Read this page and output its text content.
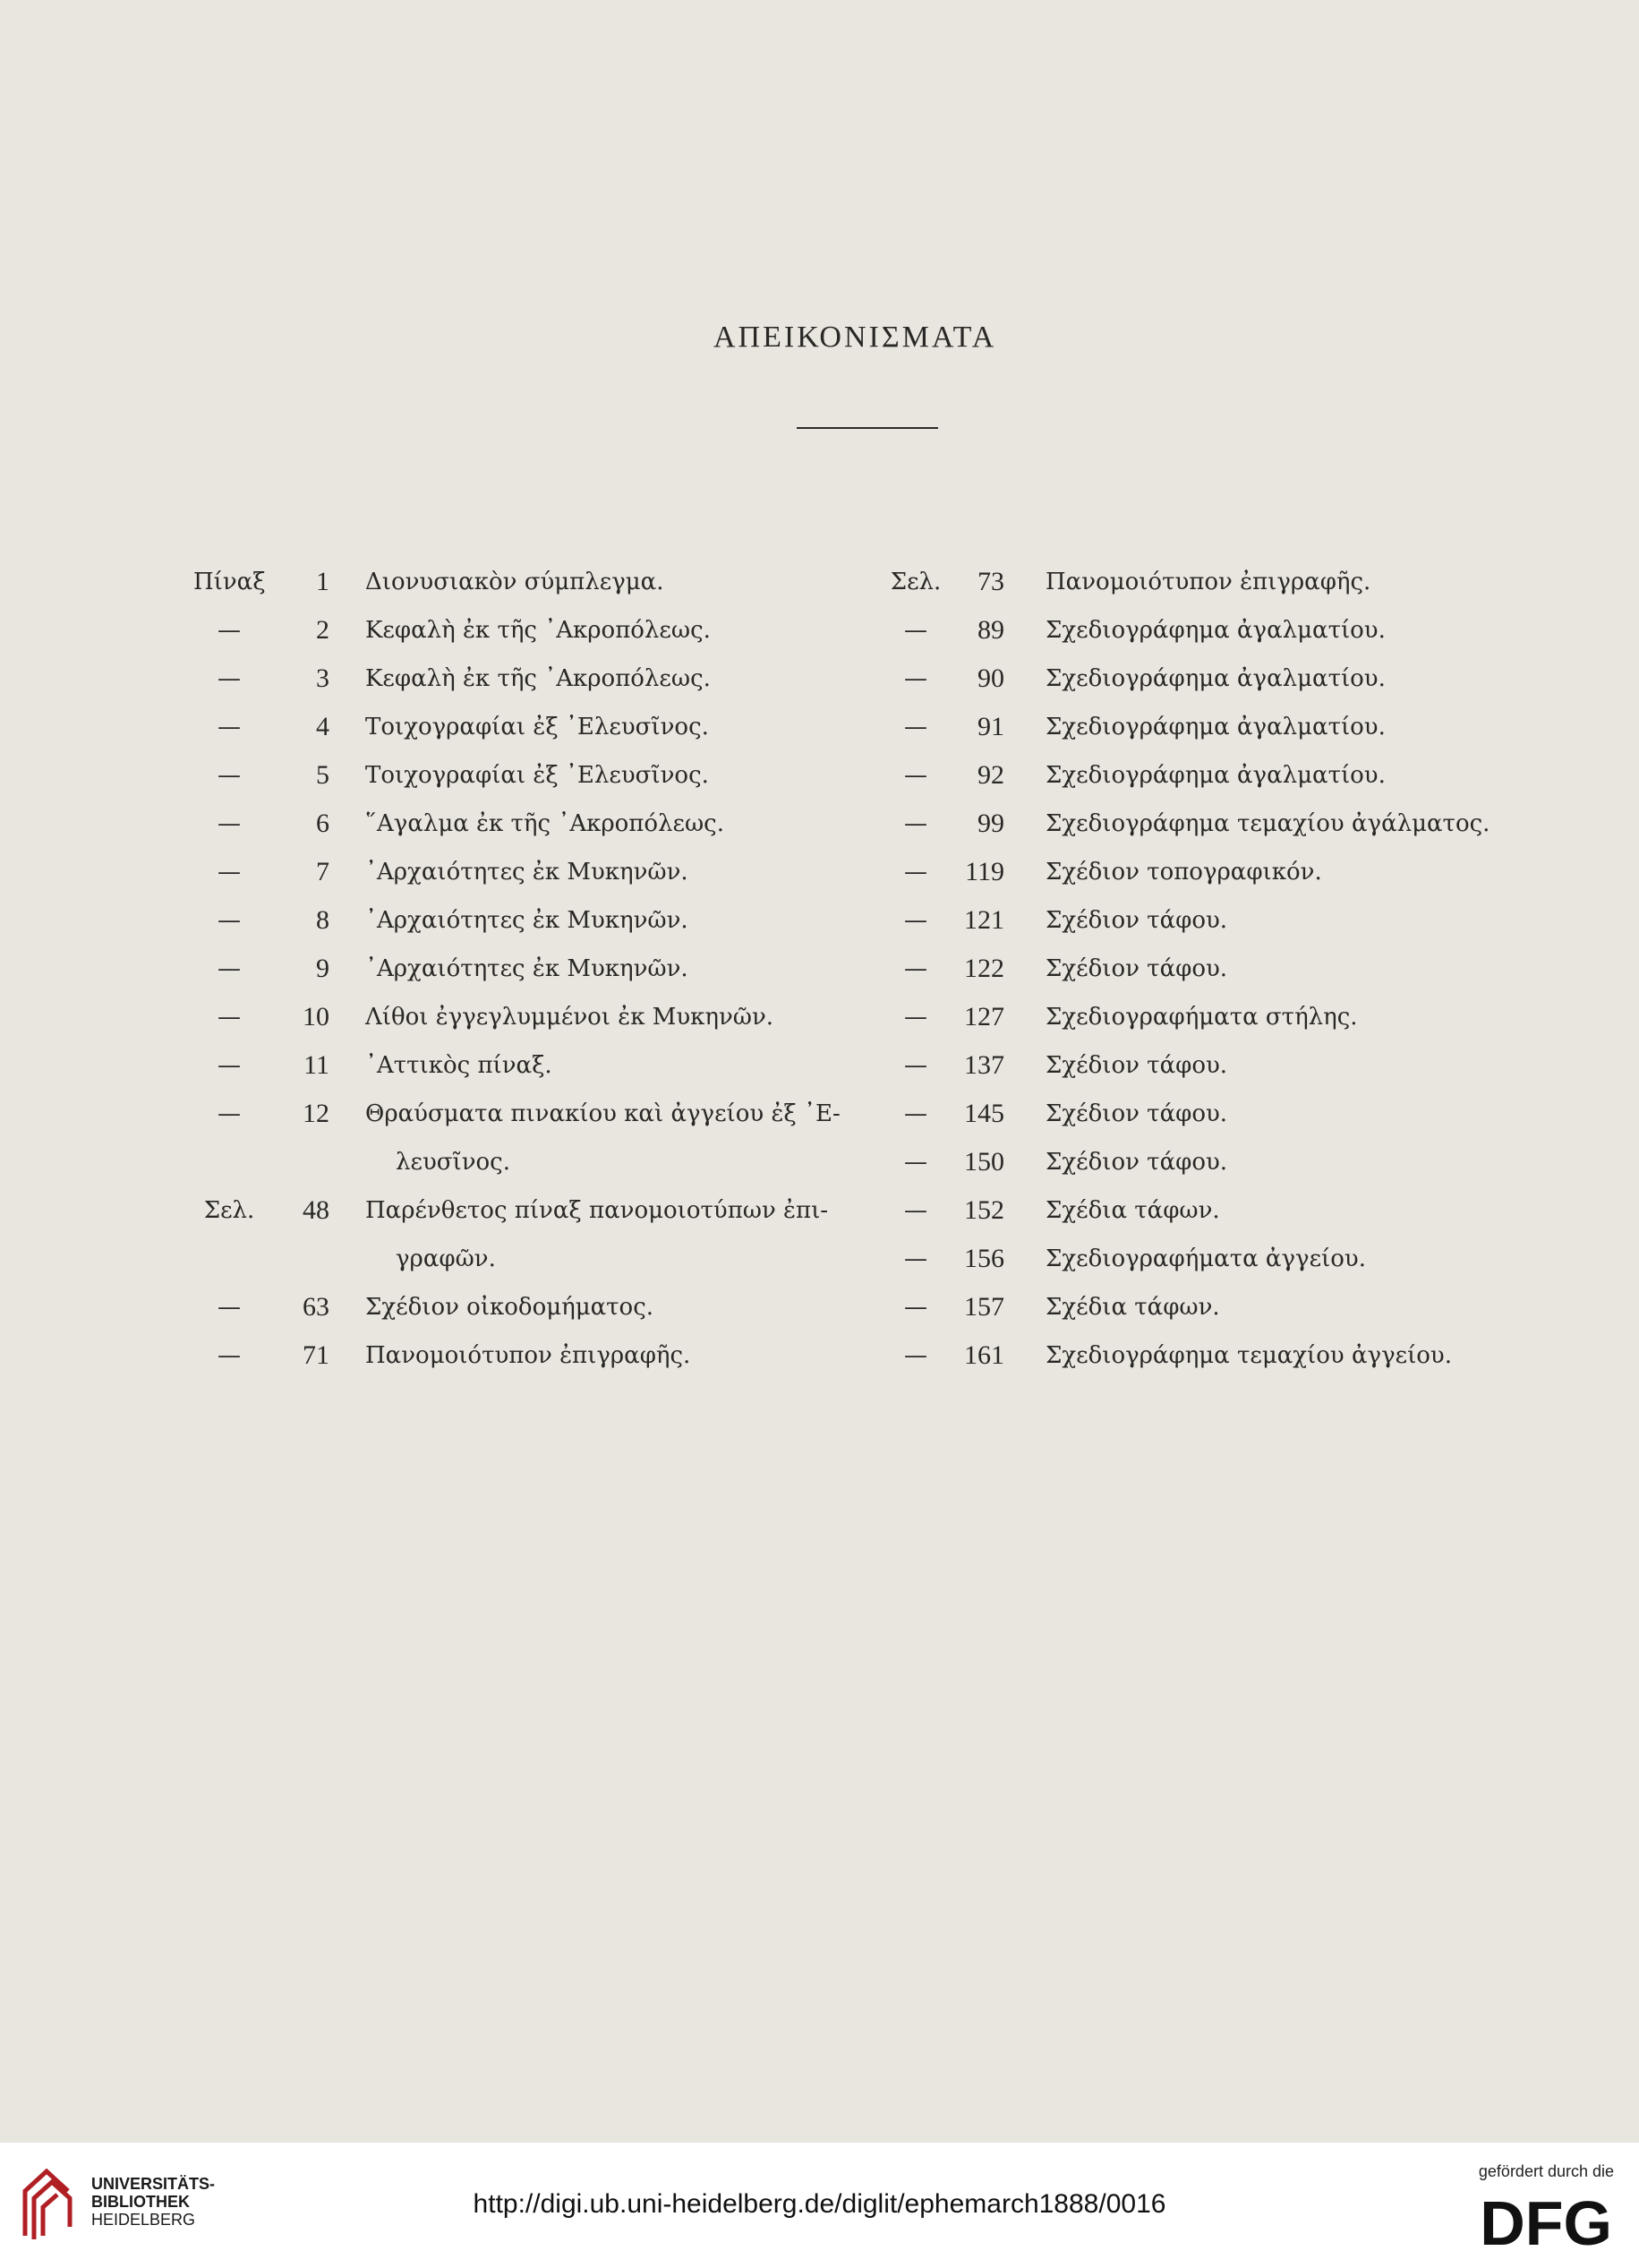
ΑΠΕΙΚΟΝΙΣΜΑΤΑ
Πίναξ	1 Διονυσιακὸν σύμπλεγμα.
—	2 Κεφαλὴ ἐκ τῆς ᾿Ακροπόλεως.
—	3 Κεφαλὴ ἐκ τῆς ᾿Ακροπόλεως.
—	4 Τοιχογραφίαι ἐξ ᾿Ελευσῖνος.
—	5 Τοιχογραφίαι ἐξ ᾿Ελευσῖνος.
—	6 ῞Αγαλμα ἐκ τῆς ᾿Ακροπόλεως.
—	7 ᾿Αρχαιότητες ἐκ Μυκηνῶν.
—	8 ᾿Αρχαιότητες ἐκ Μυκηνῶν.
—	9 ᾿Αρχαιότητες ἐκ Μυκηνῶν.
—	10 Λίθοι ἐγγεγλυμμένοι ἐκ Μυκηνῶν.
—	11 ᾿Αττικὸς πίναξ.
—	12 Θραύσματα πινακίου καὶ ἀγγείου ἐξ ᾿Ε-
λευσῖνος.
Σελ.	48 Παρένθετος πίναξ πανομοιοτύπων ἐπι-
γραφῶν.
—	63 Σχέδιον οἰκοδομήματος.
—	71 Πανομοιότυπον ἐπιγραφῆς.
Σελ.	73 Πανομοιότυπον ἐπιγραφῆς.
—	89 Σχεδιογράφημα ἀγαλματίου.
—	90 Σχεδιογράφημα ἀγαλματίου.
—	91 Σχεδιογράφημα ἀγαλματίου.
—	92 Σχεδιογράφημα ἀγαλματίου.
—	99 Σχεδιογράφημα τεμαχίου ἀγάλματος.
—	119 Σχέδιον τοπογραφικόν.
—	121 Σχέδιον τάφου.
—	122 Σχέδιον τάφου.
—	127 Σχεδιογραφήματα στήλης.
—	137 Σχέδιον τάφου.
—	145 Σχέδιον τάφου.
—	150 Σχέδιον τάφου.
—	152 Σχέδια τάφων.
—	156 Σχεδιογραφήματα ἀγγείου.
—	157 Σχέδια τάφων.
—	161 Σχεδιογράφημα τεμαχίου ἀγγείου.
UNIVERSITÄTS-
BIBLIOTHEK
HEIDELBERG
http://digi.ub.uni-heidelberg.de/diglit/ephemarch1888/0016
gefördert durch die
DFG
